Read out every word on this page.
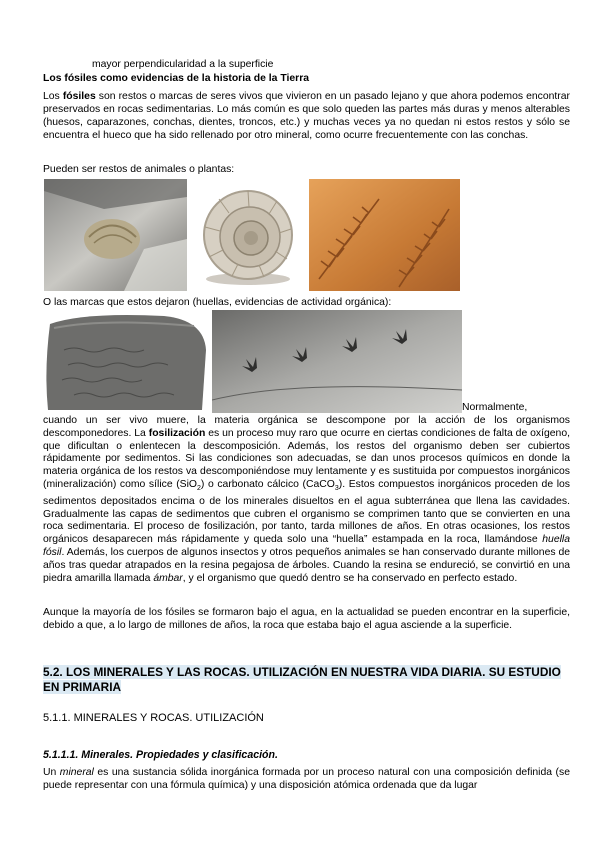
mayor perpendicularidad a la superficie

Los fósiles como evidencias de la historia de la Tierra

Los fósiles son restos o marcas de seres vivos que vivieron en un pasado lejano y que ahora podemos encontrar preservados en rocas sedimentarias. Lo más común es que solo queden las partes más duras y menos alterables (huesos, caparazones, conchas, dientes, troncos, etc.) y muchas veces ya no quedan ni estos restos y sólo se encuentra el hueco que ha sido rellenado por otro mineral, como ocurre frecuentemente con las conchas.

Pueden ser restos de animales o plantas:

O las marcas que estos dejaron (huellas, evidencias de actividad orgánica):

Normalmente,

cuando un ser vivo muere, la materia orgánica se descompone por la acción de los organismos descomponedores. La fosilización es un proceso muy raro que ocurre en ciertas condiciones de falta de oxígeno, que dificultan o enlentecen la descomposición. Además, los restos del organismo deben ser cubiertos rápidamente por sedimentos. Si las condiciones son adecuadas, se dan unos procesos químicos en donde la materia orgánica de los restos va descomponiéndose muy lentamente y es sustituida por compuestos inorgánicos (mineralización) como sílice (SiO$_2$) o carbonato cálcico (CaCO$_3$). Estos compuestos inorgánicos proceden de los sedimentos depositados encima o de los minerales disueltos en el agua subterránea que llena las cavidades. Gradualmente las capas de sedimentos que cubren el organismo se comprimen tanto que se convierten en una roca sedimentaria. El proceso de fosilización, por tanto, tarda millones de años. En otras ocasiones, los restos orgánicos desaparecen más rápidamente y queda solo una “huella” estampada en la roca, llamándose huella fósil. Además, los cuerpos de algunos insectos y otros pequeños animales se han conservado durante millones de años tras quedar atrapados en la resina pegajosa de árboles. Cuando la resina se endureció, se convirtió en una piedra amarilla llamada ámbar, y el organismo que quedó dentro se ha conservado en perfecto estado.

Aunque la mayoría de los fósiles se formaron bajo el agua, en la actualidad se pueden encontrar en la superficie, debido a que, a lo largo de millones de años, la roca que estaba bajo el agua asciende a la superficie.

5.2. LOS MINERALES Y LAS ROCAS. UTILIZACIÓN EN NUESTRA VIDA DIARIA. SU ESTUDIO EN PRIMARIA

5.1.1. MINERALES Y ROCAS. UTILIZACIÓN

5.1.1.1. Minerales. Propiedades y clasificación.

Un mineral es una sustancia sólida inorgánica formada por un proceso natural con una composición definida (se puede representar con una fórmula química) y una disposición atómica ordenada que da lugar
